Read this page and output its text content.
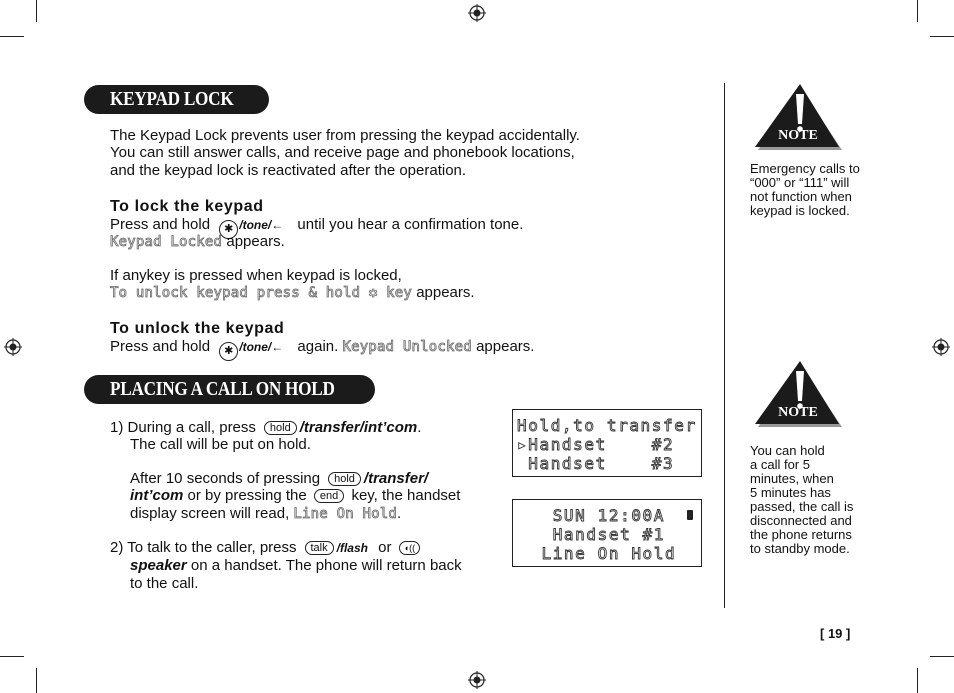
KEYPAD LOCK
The Keypad Lock prevents user from pressing the keypad accidentally.
You can still answer calls, and receive page and phonebook locations,
and the keypad lock is reactivated after the operation.
To lock the keypad
Press and hold ✱ /tone/← until you hear a confirmation tone.
Keypad Locked appears.
If anykey is pressed when keypad is locked,
To unlock keypad press & hold ✱ key appears.
To unlock the keypad
Press and hold ✱ /tone/← again. Keypad Unlocked appears.
PLACING A CALL ON HOLD
1) During a call, press hold /transfer/int’com.
The call will be put on hold.
After 10 seconds of pressing hold /transfer/
int’com or by pressing the end key, the handset
display screen will read, Line On Hold.
2) To talk to the caller, press talk /flash or ◖((
speaker on a handset. The phone will return back
to the call.
Hold,to transfer
▸Handset    #2
Handset    #3
SUN 12:00A
Handset #1
Line On Hold
NOTE
Emergency calls to
“000” or “111” will
not function when
keypad is locked.
NOTE
You can hold
a call for 5
minutes, when
5 minutes has
passed, the call is
disconnected and
the phone returns
to standby mode.
[ 19 ]
